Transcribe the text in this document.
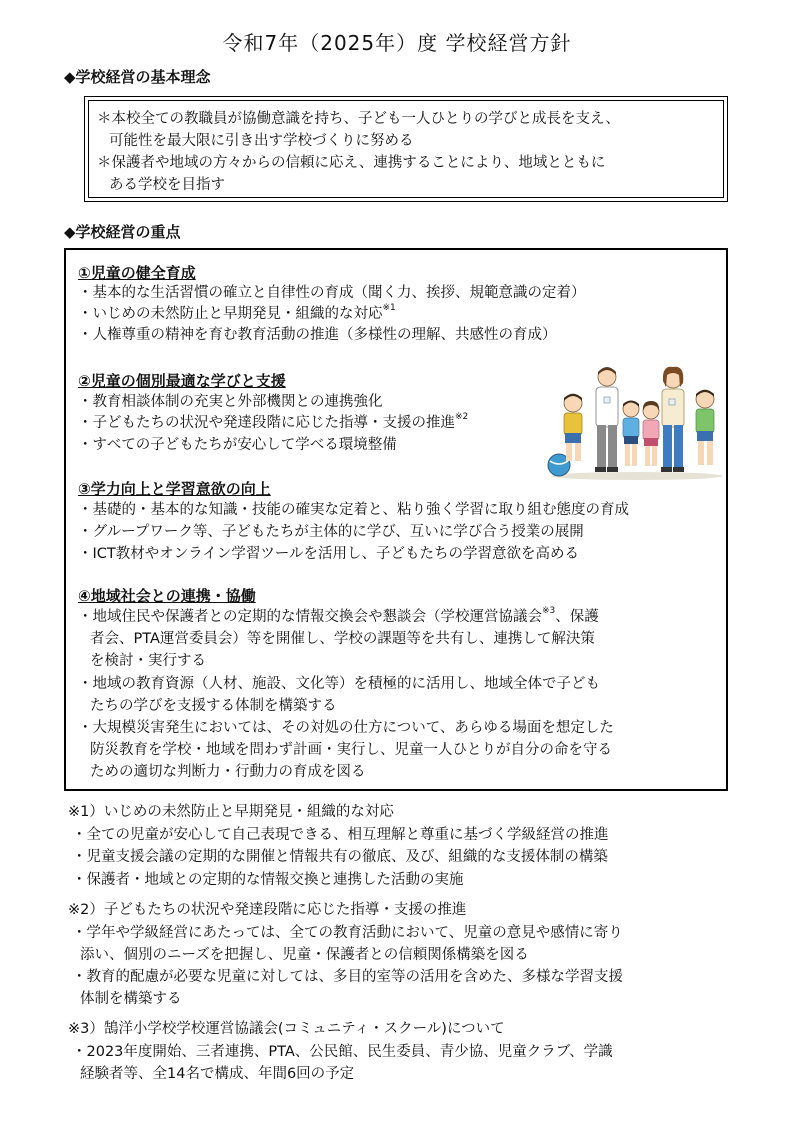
令和7年（2025年）度 学校経営方針
◆学校経営の基本理念
＊本校全ての教職員が協働意識を持ち、子ども一人ひとりの学びと成長を支え、
可能性を最大限に引き出す学校づくりに努める
＊保護者や地域の方々からの信頼に応え、連携することにより、地域とともに
ある学校を目指す
◆学校経営の重点
①児童の健全育成
・基本的な生活習慣の確立と自律性の育成（聞く力、挨拶、規範意識の定着）
・いじめの未然防止と早期発見・組織的な対応$^{※1}$
・人権尊重の精神を育む教育活動の推進（多様性の理解、共感性の育成）
②児童の個別最適な学びと支援
・教育相談体制の充実と外部機関との連携強化
・子どもたちの状況や発達段階に応じた指導・支援の推進$^{※2}$
・すべての子どもたちが安心して学べる環境整備
③学力向上と学習意欲の向上
・基礎的・基本的な知識・技能の確実な定着と、粘り強く学習に取り組む態度の育成
・グループワーク等、子どもたちが主体的に学び、互いに学び合う授業の展開
・ICT教材やオンライン学習ツールを活用し、子どもたちの学習意欲を高める
④地域社会との連携・協働
・地域住民や保護者との定期的な情報交換会や懇談会（学校運営協議会$^{※3}$、保護
者会、PTA運営委員会）等を開催し、学校の課題等を共有し、連携して解決策
を検討・実行する
・地域の教育資源（人材、施設、文化等）を積極的に活用し、地域全体で子ども
たちの学びを支援する体制を構築する
・大規模災害発生においては、その対処の仕方について、あらゆる場面を想定した
防災教育を学校・地域を問わず計画・実行し、児童一人ひとりが自分の命を守る
ための適切な判断力・行動力の育成を図る
※1）いじめの未然防止と早期発見・組織的な対応
・全ての児童が安心して自己表現できる、相互理解と尊重に基づく学級経営の推進
・児童支援会議の定期的な開催と情報共有の徹底、及び、組織的な支援体制の構築
・保護者・地域との定期的な情報交換と連携した活動の実施
※2）子どもたちの状況や発達段階に応じた指導・支援の推進
・学年や学級経営にあたっては、全ての教育活動において、児童の意見や感情に寄り
添い、個別のニーズを把握し、児童・保護者との信頼関係構築を図る
・教育的配慮が必要な児童に対しては、多目的室等の活用を含めた、多様な学習支援
体制を構築する
※3）鵠洋小学校学校運営協議会(コミュニティ・スクール)について
・2023年度開始、三者連携、PTA、公民館、民生委員、青少協、児童クラブ、学識
経験者等、全14名で構成、年間6回の予定
